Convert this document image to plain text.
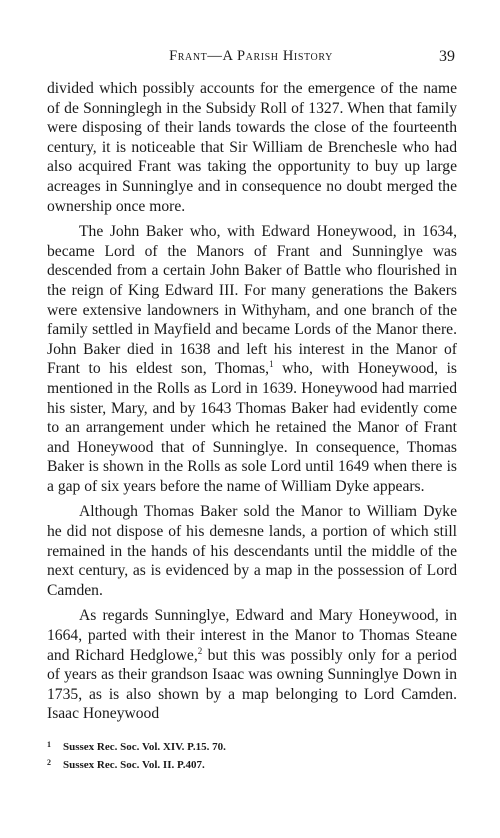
Frant—A Parish History	39

divided which possibly accounts for the emergence of the name of de Sonninglegh in the Subsidy Roll of 1327. When that family were disposing of their lands towards the close of the fourteenth century, it is noticeable that Sir William de Brenchesle who had also acquired Frant was taking the opportunity to buy up large acreages in Sunninglye and in consequence no doubt merged the ownership once more.

The John Baker who, with Edward Honeywood, in 1634, became Lord of the Manors of Frant and Sunninglye was descended from a certain John Baker of Battle who flourished in the reign of King Edward III. For many generations the Bakers were extensive landowners in Withyham, and one branch of the family settled in Mayfield and became Lords of the Manor there. John Baker died in 1638 and left his interest in the Manor of Frant to his eldest son, Thomas,$^1$ who, with Honeywood, is mentioned in the Rolls as Lord in 1639. Honeywood had married his sister, Mary, and by 1643 Thomas Baker had evidently come to an arrangement under which he retained the Manor of Frant and Honeywood that of Sunninglye. In consequence, Thomas Baker is shown in the Rolls as sole Lord until 1649 when there is a gap of six years before the name of William Dyke appears.

Although Thomas Baker sold the Manor to William Dyke he did not dispose of his demesne lands, a portion of which still remained in the hands of his descendants until the middle of the next century, as is evidenced by a map in the possession of Lord Camden.

As regards Sunninglye, Edward and Mary Honeywood, in 1664, parted with their interest in the Manor to Thomas Steane and Richard Hedglowe,$^2$ but this was possibly only for a period of years as their grandson Isaac was owning Sunninglye Down in 1735, as is also shown by a map belonging to Lord Camden. Isaac Honeywood

1 Sussex Rec. Soc. Vol. XIV. P.15. 70.
2 Sussex Rec. Soc. Vol. II. P.407.
